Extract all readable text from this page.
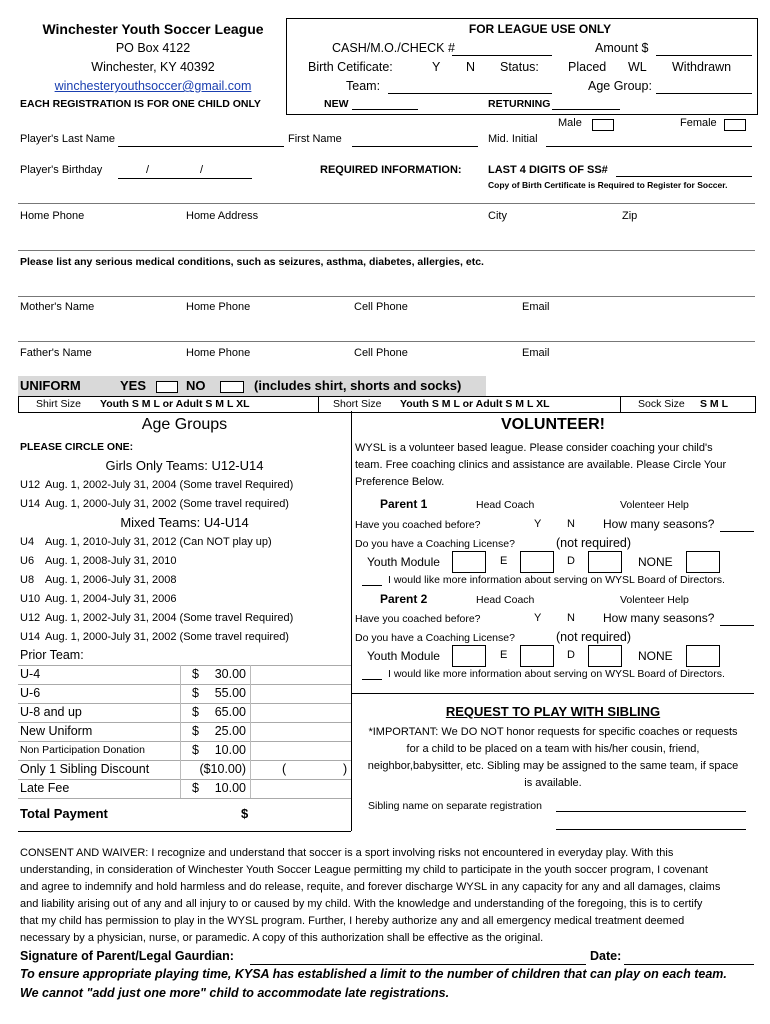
Winchester Youth Soccer League
PO Box 4122
Winchester, KY 40392
winchesteryouthsoccer@gmail.com
EACH REGISTRATION IS FOR ONE CHILD ONLY
FOR LEAGUE USE ONLY
CASH/M.O./CHECK #	Amount $
Birth Cetificate:	Y N Status: Placed WL Withdrawn
Team:	Age Group:
NEW	RETURNING
Male	Female
Player's Last Name	First Name	Mid. Initial
Player's Birthday	/	/	REQUIRED INFORMATION: LAST 4 DIGITS OF SS#
Copy of Birth Certificate is Required to Register for Soccer.
Home Phone	Home Address	City	Zip
Please list any serious medical conditions, such as seizures, asthma, diabetes, allergies, etc.
Mother's Name	Home Phone	Cell Phone	Email
Father's Name	Home Phone	Cell Phone	Email
UNIFORM	YES	NO	(includes shirt, shorts and socks)
Shirt Size Youth S M L or Adult S M L XL	Short Size Youth S M L or Adult S M L XL	Sock Size S M L
Age Groups
PLEASE CIRCLE ONE:
Girls Only Teams: U12-U14
U12 Aug. 1, 2002-July 31, 2004 (Some travel Required)
U14 Aug. 1, 2000-July 31, 2002 (Some travel required)
Mixed Teams: U4-U14
U4 Aug. 1, 2010-July 31, 2012 (Can NOT play up)
U6 Aug. 1, 2008-July 31, 2010
U8 Aug. 1, 2006-July 31, 2008
U10 Aug. 1, 2004-July 31, 2006
U12 Aug. 1, 2002-July 31, 2004 (Some travel Required)
U14 Aug. 1, 2000-July 31, 2002 (Some travel required)
Prior Team:
U-4	$	30.00
U-6	$	55.00
U-8 and up	$	65.00
New Uniform	$	25.00
Non Participation Donation	$	10.00
Only 1 Sibling Discount	($10.00)	(	)
Late Fee	$	10.00
Total Payment	$
VOLUNTEER!
WYSL is a volunteer based league. Please consider coaching your child's
team. Free coaching clinics and assistance are available. Please Circle Your
Preference Below.
Parent 1	Head Coach	Volenteer Help
Have you coached before?	Y N How many seasons?
Do you have a Coaching License?	(not required)
Youth Module	E	D	NONE
I would like more information about serving on WYSL Board of Directors.
Parent 2	Head Coach	Volenteer Help
Have you coached before?	Y N How many seasons?
Do you have a Coaching License?	(not required)
Youth Module	E	D	NONE
I would like more information about serving on WYSL Board of Directors.
REQUEST TO PLAY WITH SIBLING
*IMPORTANT: We DO NOT honor requests for specific coaches or requests
for a child to be placed on a team with his/her cousin, friend,
neighbor,babysitter, etc. Sibling may be assigned to the same team, if space
is available.
Sibling name on separate registration
CONSENT AND WAIVER: I recognize and understand that soccer is a sport involving risks not encountered in everyday play. With this
understanding, in consideration of Winchester Youth Soccer League permitting my child to participate in the youth soccer program, I covenant
and agree to indemnify and hold harmless and do release, requite, and forever discharge WYSL in any capacity for any and all damages, claims
and liability arising out of any and all injury to or caused by my child. With the knowledge and understanding of the foregoing, this is to certify
that my child has permission to play in the WYSL program. Further, I hereby authorize any and all emergency medical treatment deemed
necessary by a physician, nurse, or paramedic. A copy of this authorization shall be effective as the original.
Signature of Parent/Legal Gaurdian:	Date:
To ensure appropriate playing time, KYSA has established a limit to the number of children that can play on each team.
We cannot "add just one more" child to accommodate late registrations.
